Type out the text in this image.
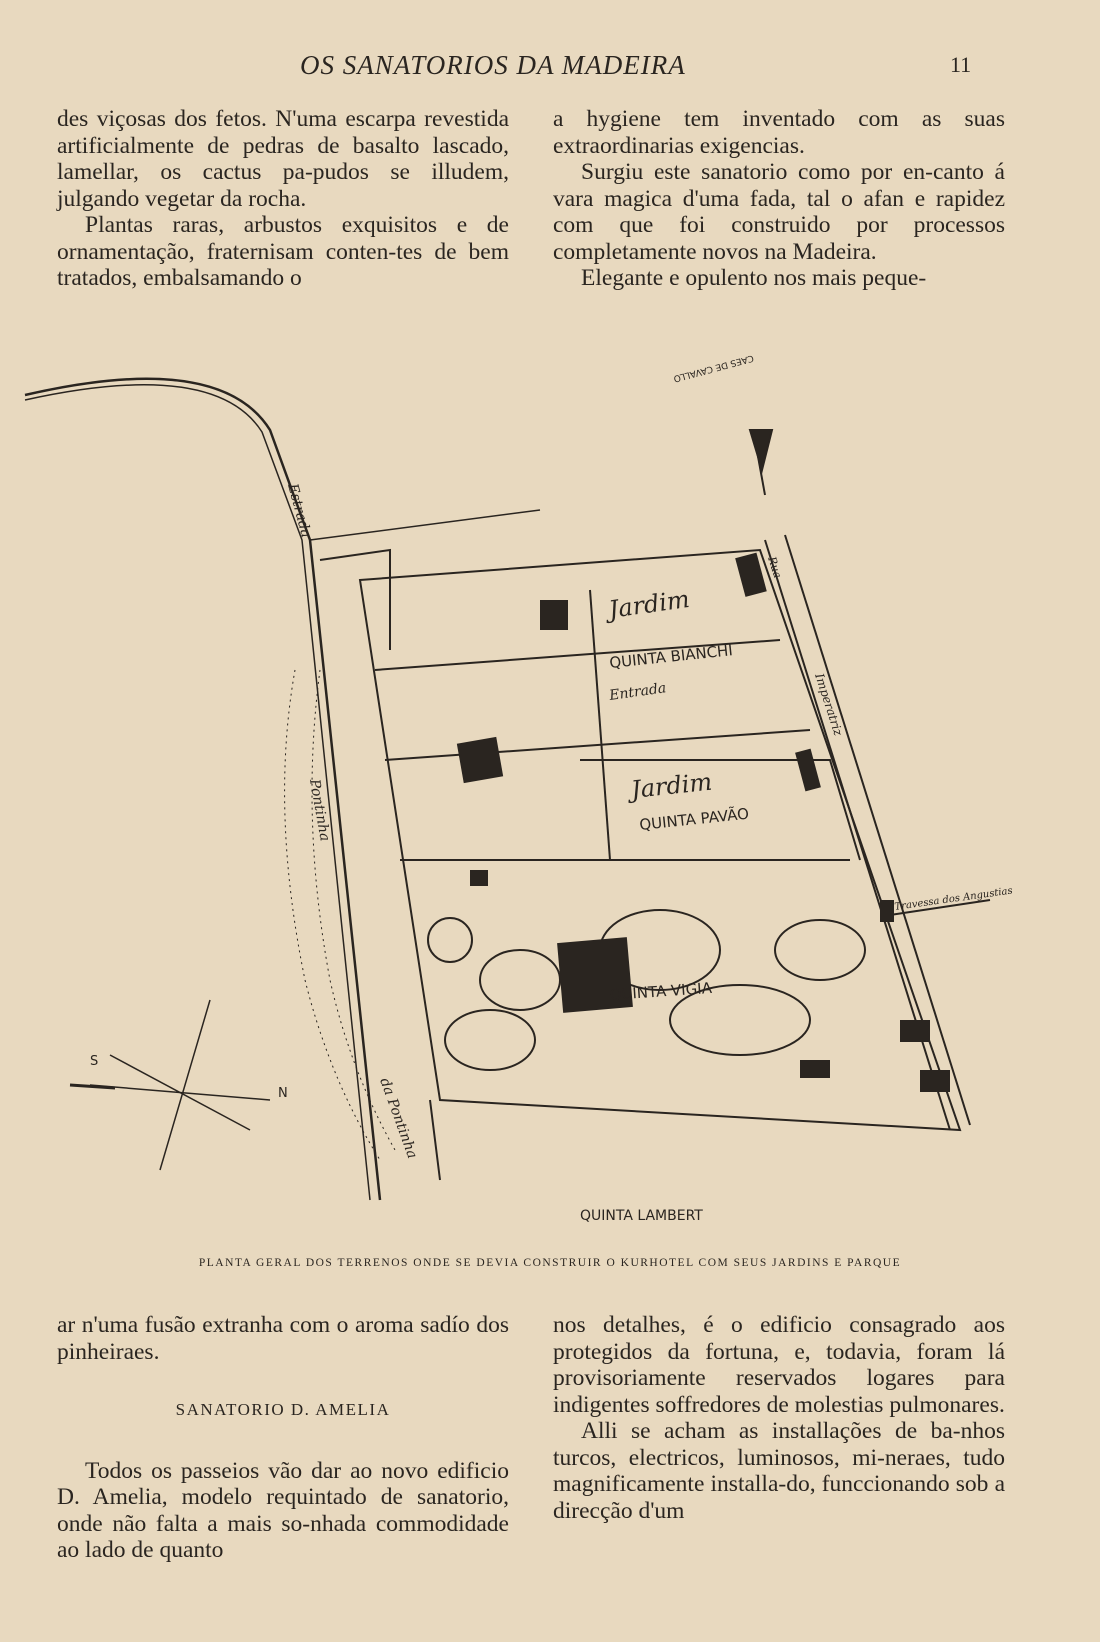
OS SANATORIOS DA MADEIRA	11

des viçosas dos fetos. N'uma escarpa revestida artificialmente de pedras de basalto lascado, lamellar, os cactus pa-pudos se illudem, julgando vegetar da rocha.

Plantas raras, arbustos exquisitos e de ornamentação, fraternisam conten-tes de bem tratados, embalsamando o

a hygiene tem inventado com as suas extraordinarias exigencias.

Surgiu este sanatorio como por en-canto á vara magica d'uma fada, tal o afan e rapidez com que foi construido por processos completamente novos na Madeira.

Elegante e opulento nos mais peque-

QUINTA BIANCHI
Jardim
QUINTA PAVÃO
Jardim
QUINTA VIGIA
QUINTA LAMBERT
Estrada
Pontinha
da Pontinha
Entrada	Imperatriz
Travessa dos Angustias
CAES DE CAVALLO
Rua
N
S
PLANTA GERAL DOS TERRENOS ONDE SE DEVIA CONSTRUIR O KURHOTEL COM SEUS JARDINS E PARQUE

ar n'uma fusão extranha com o aroma sadío dos pinheiraes.

SANATORIO D. AMELIA

Todos os passeios vão dar ao novo edificio D. Amelia, modelo requintado de sanatorio, onde não falta a mais so-nhada commodidade ao lado de quanto

nos detalhes, é o edificio consagrado aos protegidos da fortuna, e, todavia, foram lá provisoriamente reservados logares para indigentes soffredores de molestias pulmonares.

Alli se acham as installações de ba-nhos turcos, electricos, luminosos, mi-neraes, tudo magnificamente installa-do, funccionando sob a direcção d'um
